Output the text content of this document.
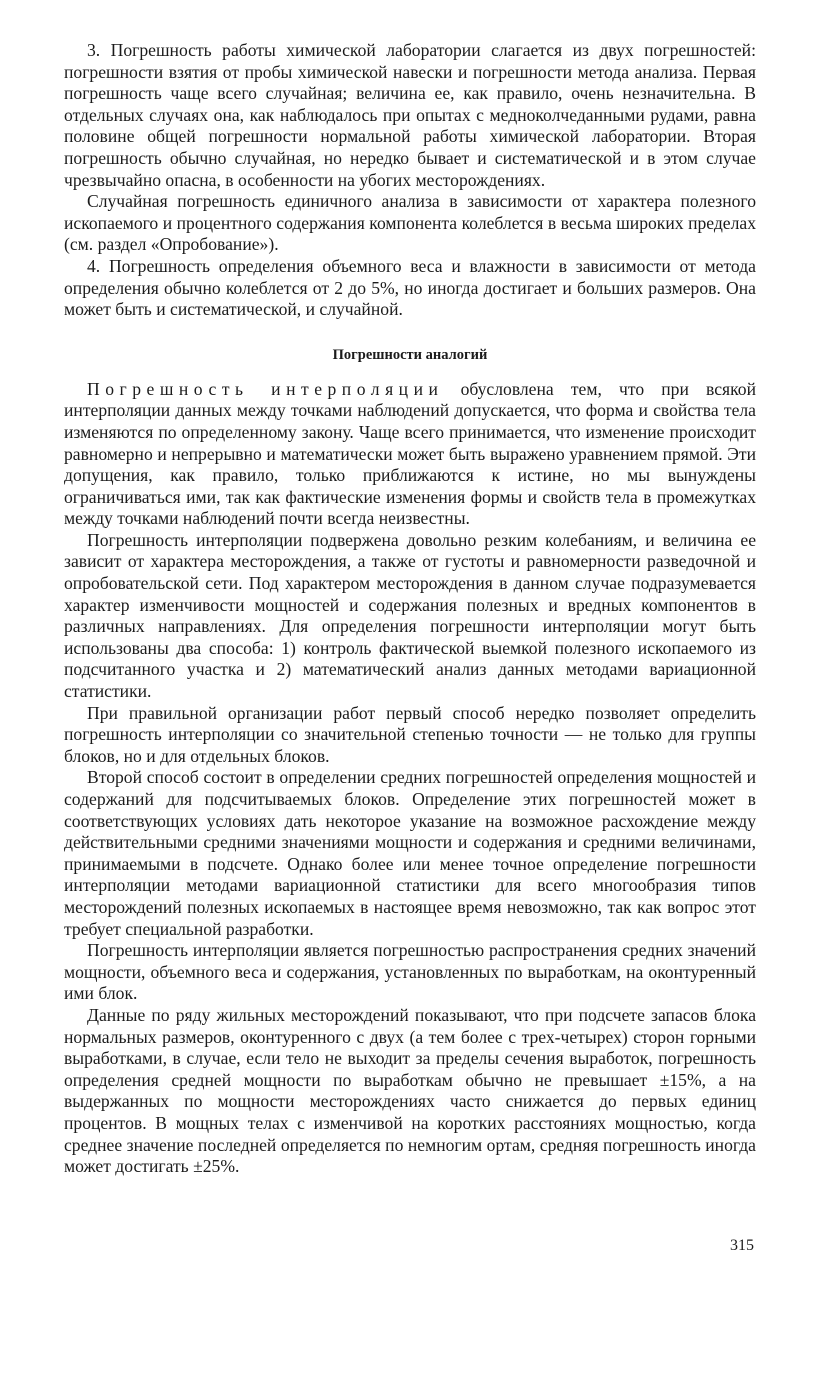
3. Погрешность работы химической лаборатории слагается из двух погрешностей: погрешности взятия от пробы химической навески и погрешности метода анализа. Первая погрешность чаще всего случайная; величина ее, как правило, очень незначительна. В отдельных случаях она, как наблюдалось при опытах с медноколчеданными рудами, равна половине общей погрешности нормальной работы химической лаборатории. Вторая погрешность обычно случайная, но нередко бывает и систематической и в этом случае чрезвычайно опасна, в особенности на убогих месторождениях.

Случайная погрешность единичного анализа в зависимости от характера полезного ископаемого и процентного содержания компонента колеблется в весьма широких пределах (см. раздел «Опробование»).

4. Погрешность определения объемного веса и влажности в зависимости от метода определения обычно колеблется от 2 до 5%, но иногда достигает и больших размеров. Она может быть и систематической, и случайной.

Погрешности аналогий

Погрешность интерполяции обусловлена тем, что при всякой интерполяции данных между точками наблюдений допускается, что форма и свойства тела изменяются по определенному закону. Чаще всего принимается, что изменение происходит равномерно и непрерывно и математически может быть выражено уравнением прямой. Эти допущения, как правило, только приближаются к истине, но мы вынуждены ограничиваться ими, так как фактические изменения формы и свойств тела в промежутках между точками наблюдений почти всегда неизвестны.

Погрешность интерполяции подвержена довольно резким колебаниям, и величина ее зависит от характера месторождения, а также от густоты и равномерности разведочной и опробовательской сети. Под характером месторождения в данном случае подразумевается характер изменчивости мощностей и содержания полезных и вредных компонентов в различных направлениях. Для определения погрешности интерполяции могут быть использованы два способа: 1) контроль фактической выемкой полезного ископаемого из подсчитанного участка и 2) математический анализ данных методами вариационной статистики.

При правильной организации работ первый способ нередко позволяет определить погрешность интерполяции со значительной степенью точности — не только для группы блоков, но и для отдельных блоков.

Второй способ состоит в определении средних погрешностей определения мощностей и содержаний для подсчитываемых блоков. Определение этих погрешностей может в соответствующих условиях дать некоторое указание на возможное расхождение между действительными средними значениями мощности и содержания и средними величинами, принимаемыми в подсчете. Однако более или менее точное определение погрешности интерполяции методами вариационной статистики для всего многообразия типов месторождений полезных ископаемых в настоящее время невозможно, так как вопрос этот требует специальной разработки.

Погрешность интерполяции является погрешностью распространения средних значений мощности, объемного веса и содержания, установленных по выработкам, на оконтуренный ими блок.

Данные по ряду жильных месторождений показывают, что при подсчете запасов блока нормальных размеров, оконтуренного с двух (а тем более с трех-четырех) сторон горными выработками, в случае, если тело не выходит за пределы сечения выработок, погрешность определения средней мощности по выработкам обычно не превышает ±15%, а на выдержанных по мощности месторождениях часто снижается до первых единиц процентов. В мощных телах с изменчивой на коротких расстояниях мощностью, когда среднее значение последней определяется по немногим ортам, средняя погрешность иногда может достигать ±25%.

315
